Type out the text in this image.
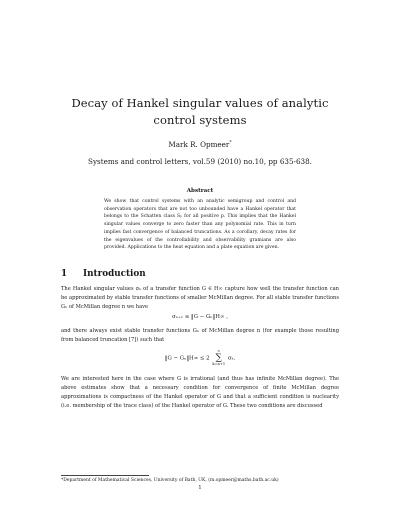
Decay of Hankel singular values of analytic
control systems
Mark R. Opmeer*
Systems and control letters, vol.59 (2010) no.10, pp 635-638.
Abstract
We show that control systems with an analytic semigroup and control and observation operators that are not too unbounded have a Hankel operator that belongs to the Schatten class Sₚ for all positive p. This implies that the Hankel singular values converge to zero faster than any polynomial rate. This in turn implies fast convergence of balanced truncations. As a corollary, decay rates for the eigenvalues of the controllability and observability gramians are also provided. Applications to the heat equation and a plate equation are given.
1 Introduction
The Hankel singular values σₖ of a transfer function G ∈ H∞ capture how well the transfer function can be approximated by stable transfer functions of smaller McMillan degree. For all stable transfer functions Gₙ of McMillan degree n we have
σₙ₊₁ ≤ ‖G − Gₙ‖H∞ ,
and there always exist stable transfer functions Gₙ of McMillan degree n (for example those resulting from balanced truncation [7]) such that
‖G − Gₙ‖H∞ ≤ 2
∞
∑
k=n+1
σₖ.
We are interested here in the case where G is irrational (and thus has infinite McMillan degree). The above estimates show that a necessary condition for convergence of finite McMillan degree approximations is compactness of the Hankel operator of G and that a sufficient condition is nuclearity (i.e. membership of the trace class) of the Hankel operator of G. These two conditions are discussed
*Department of Mathematical Sciences, University of Bath, UK, (m.opmeer@maths.bath.ac.uk)
1
